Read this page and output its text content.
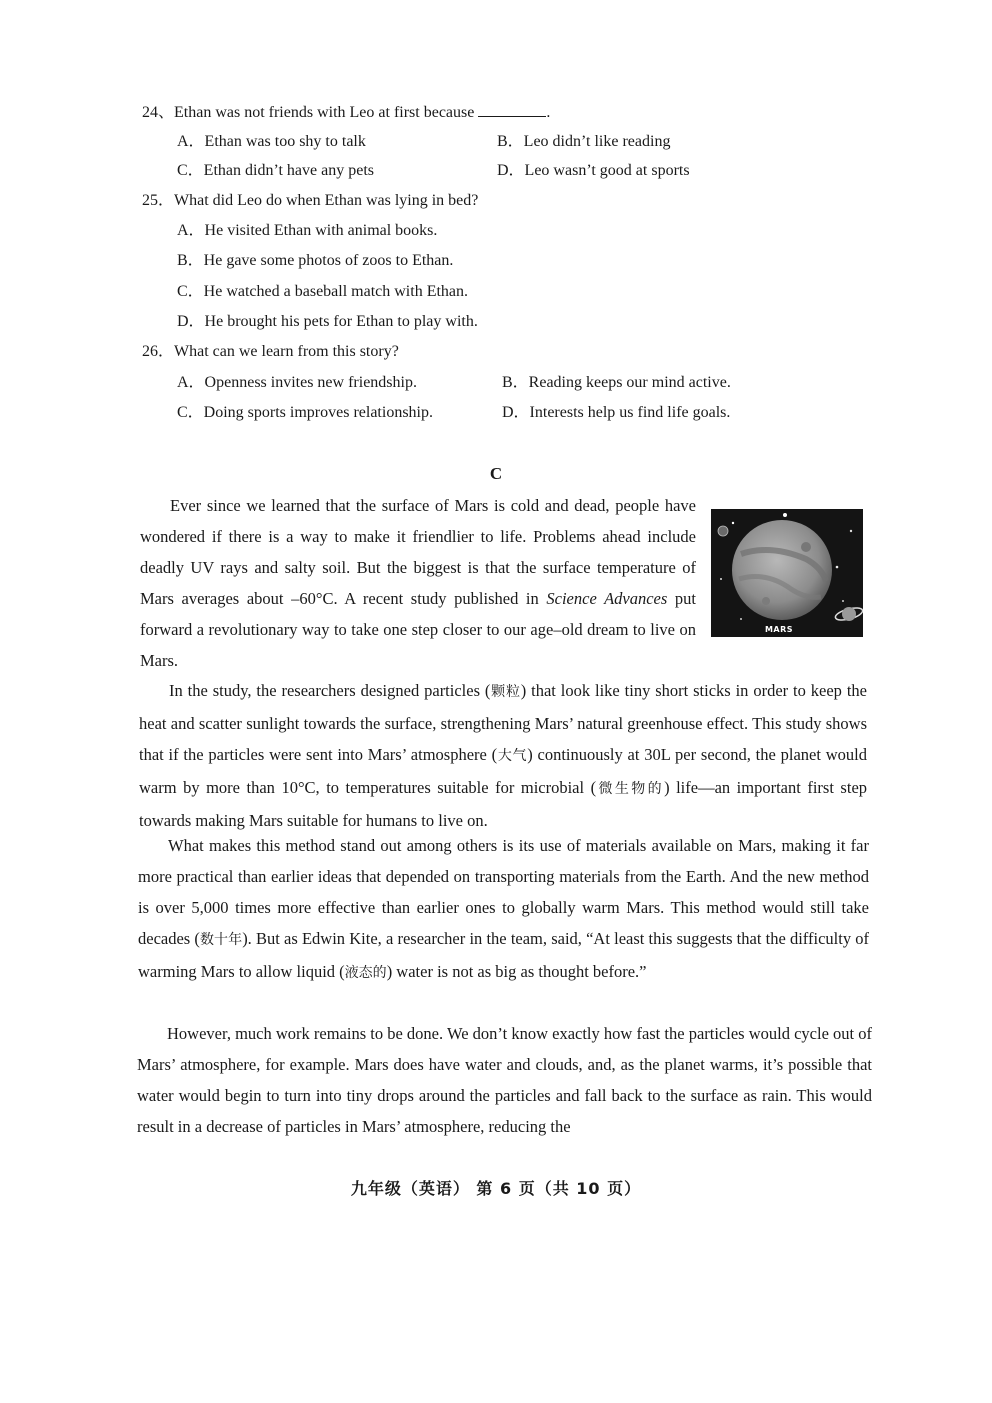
24、Ethan was not friends with Leo at first because	.
A．Ethan was too shy to talk	B．Leo didn’t like reading
C．Ethan didn’t have any pets	D．Leo wasn’t good at sports
25．What did Leo do when Ethan was lying in bed?
A．He visited Ethan with animal books.
B．He gave some photos of zoos to Ethan.
C．He watched a baseball match with Ethan.
D．He brought his pets for Ethan to play with.
26．What can we learn from this story?
A．Openness invites new friendship.	B．Reading keeps our mind active.
C．Doing sports improves relationship.	D．Interests help us find life goals.
C
Ever since we learned that the surface of Mars is cold and dead, people have wondered if there is a way to make it friendlier to life. Problems ahead include deadly UV rays and salty soil. But the biggest is that the surface temperature of Mars averages about –60°C. A recent study published in Science Advances put forward a revolutionary way to take one step closer to our age–old dream to live on Mars.
MARS
In the study, the researchers designed particles (颗粒) that look like tiny short sticks in order to keep the heat and scatter sunlight towards the surface, strengthening Mars’ natural greenhouse effect. This study shows that if the particles were sent into Mars’ atmosphere (大气) continuously at 30L per second, the planet would warm by more than 10°C, to temperatures suitable for microbial (微生物的) life—an important first step towards making Mars suitable for humans to live on.
What makes this method stand out among others is its use of materials available on Mars, making it far more practical than earlier ideas that depended on transporting materials from the Earth. And the new method is over 5,000 times more effective than earlier ones to globally warm Mars. This method would still take decades (数十年). But as Edwin Kite, a researcher in the team, said, “At least this suggests that the difficulty of warming Mars to allow liquid (液态的) water is not as big as thought before.”
However, much work remains to be done. We don’t know exactly how fast the particles would cycle out of Mars’ atmosphere, for example. Mars does have water and clouds, and, as the planet warms, it’s possible that water would begin to turn into tiny drops around the particles and fall back to the surface as rain. This would result in a decrease of particles in Mars’ atmosphere, reducing the
九年级（英语） 第 6 页（共 10 页）
